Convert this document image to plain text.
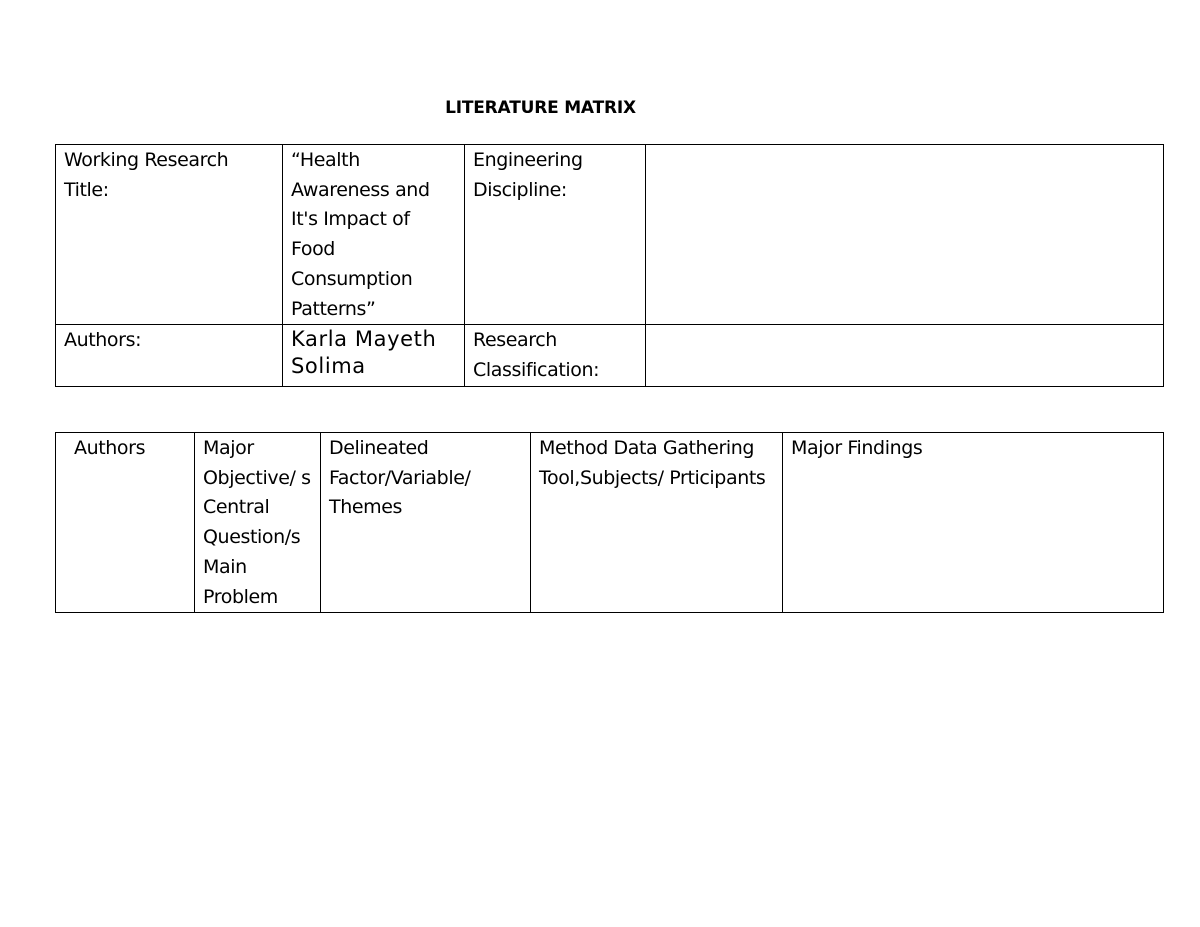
LITERATURE MATRIX
Working Research Title:	“Health Awareness and It's Impact of Food Consumption Patterns”	Engineering Discipline:	
Authors:	Karla Mayeth Solima	Research Classification:	
Authors	Major Objective/ s Central Question/s Main Problem	Delineated Factor/Variable/ Themes	Method Data Gathering Tool,Subjects/ Prticipants	Major Findings
